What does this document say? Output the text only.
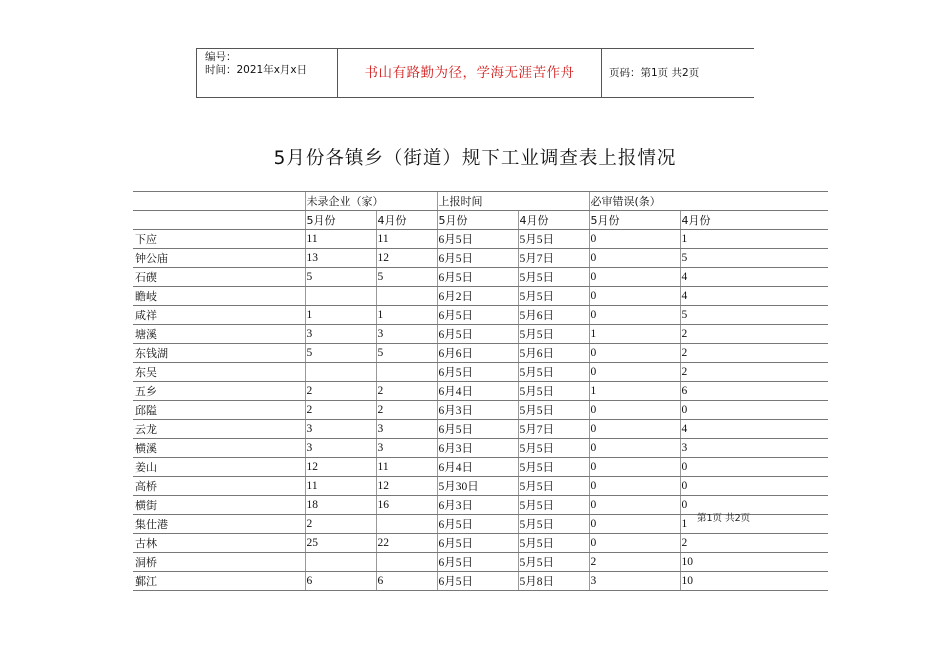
编号：
时间：2021年x月x日	书山有路勤为径，学海无涯苦作舟	页码：第1页 共2页
5月份各镇乡（街道）规下工业调查表上报情况
	未录企业（家）		上报时间		必审错误(条）	
	5月份	4月份	5月份	4月份	5月份	4月份
下应	11	11	6月5日	5月5日	0	1
钟公庙	13	12	6月5日	5月7日	0	5
石碶	5	5	6月5日	5月5日	0	4
瞻岐			6月2日	5月5日	0	4
咸祥	1	1	6月5日	5月6日	0	5
塘溪	3	3	6月5日	5月5日	1	2
东钱湖	5	5	6月6日	5月6日	0	2
东吴			6月5日	5月5日	0	2
五乡	2	2	6月4日	5月5日	1	6
邱隘	2	2	6月3日	5月5日	0	0
云龙	3	3	6月5日	5月7日	0	4
横溪	3	3	6月3日	5月5日	0	3
姜山	12	11	6月4日	5月5日	0	0
高桥	11	12	5月30日	5月5日	0	0
横街	18	16	6月3日	5月5日	0	0
集仕港	2		6月5日	5月5日	0	1
古林	25	22	6月5日	5月5日	0	2
洞桥			6月5日	5月5日	2	10
鄞江	6	6	6月5日	5月8日	3	10
第1页 共2页
